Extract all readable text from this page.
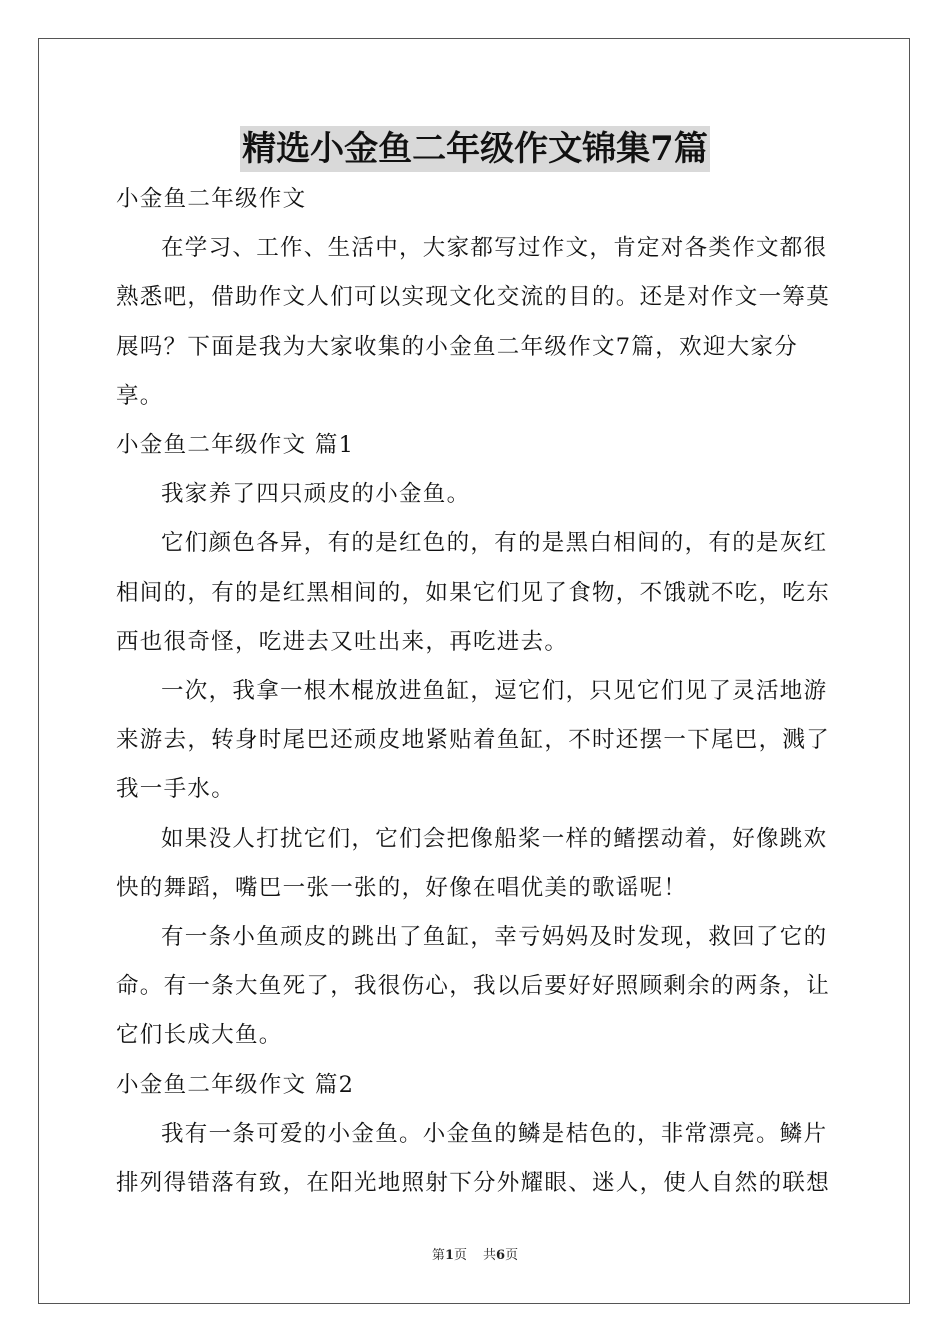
精选小金鱼二年级作文锦集7篇

小金鱼二年级作文

在学习、工作、生活中，大家都写过作文，肯定对各类作文都很熟悉吧，借助作文人们可以实现文化交流的目的。还是对作文一筹莫展吗？下面是我为大家收集的小金鱼二年级作文7篇，欢迎大家分享。

小金鱼二年级作文 篇1

我家养了四只顽皮的小金鱼。

它们颜色各异，有的是红色的，有的是黑白相间的，有的是灰红相间的，有的是红黑相间的，如果它们见了食物，不饿就不吃，吃东西也很奇怪，吃进去又吐出来，再吃进去。

一次，我拿一根木棍放进鱼缸，逗它们，只见它们见了灵活地游来游去，转身时尾巴还顽皮地紧贴着鱼缸，不时还摆一下尾巴，溅了我一手水。

如果没人打扰它们，它们会把像船桨一样的鳍摆动着，好像跳欢快的舞蹈，嘴巴一张一张的，好像在唱优美的歌谣呢！

有一条小鱼顽皮的跳出了鱼缸，幸亏妈妈及时发现，救回了它的命。有一条大鱼死了，我很伤心，我以后要好好照顾剩余的两条，让它们长成大鱼。

小金鱼二年级作文 篇2

我有一条可爱的小金鱼。小金鱼的鳞是桔色的，非常漂亮。鳞片排列得错落有致，在阳光地照射下分外耀眼、迷人，使人自然的联想

第1页 共6页
